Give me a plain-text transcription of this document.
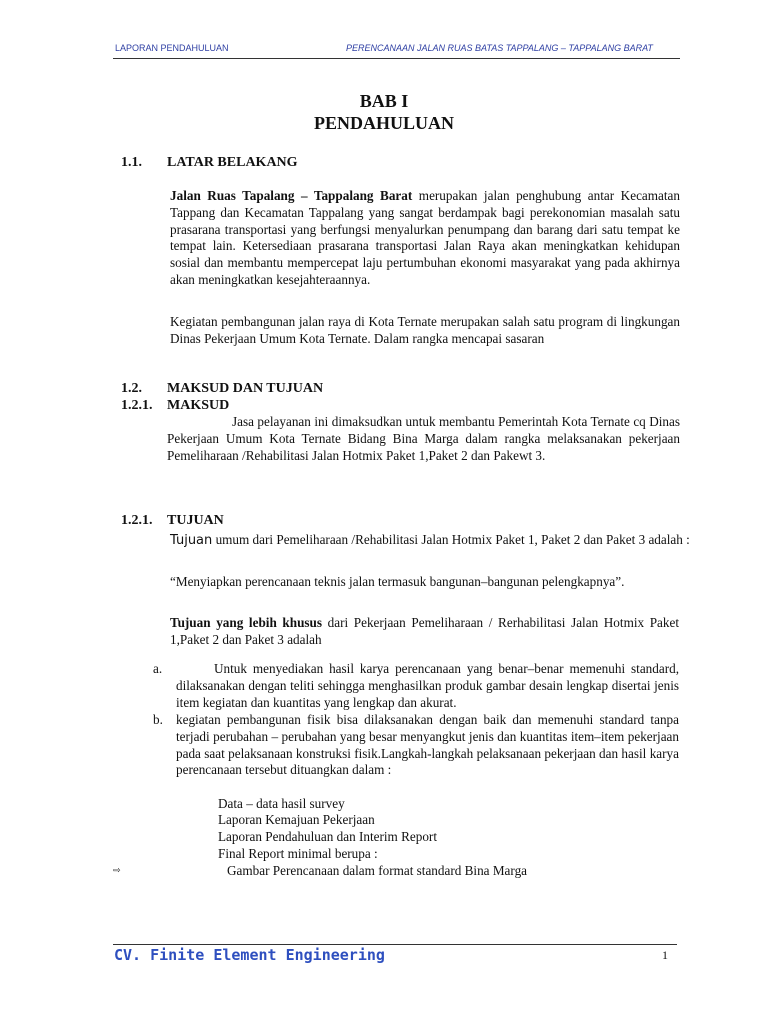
LAPORAN PENDAHULUAN	PERENCANAAN JALAN RUAS BATAS TAPPALANG – TAPPALANG BARAT
BAB I
PENDAHULUAN
1.1. LATAR BELAKANG
Jalan Ruas Tapalang – Tappalang Barat merupakan jalan penghubung antar Kecamatan Tappang dan Kecamatan Tappalang yang sangat berdampak bagi perekonomian masalah satu prasarana transportasi yang berfungsi menyalurkan penumpang dan barang dari satu tempat ke tempat lain. Ketersediaan prasarana transportasi Jalan Raya akan meningkatkan kehidupan sosial dan membantu mempercepat laju pertumbuhan ekonomi masyarakat yang pada akhirnya akan meningkatkan kesejahteraannya.
Kegiatan pembangunan jalan raya di Kota Ternate merupakan salah satu program di lingkungan Dinas Pekerjaan Umum Kota Ternate. Dalam rangka mencapai sasaran
1.2. MAKSUD DAN TUJUAN
1.2.1. MAKSUD
Jasa pelayanan ini dimaksudkan untuk membantu Pemerintah Kota Ternate cq Dinas Pekerjaan Umum Kota Ternate Bidang Bina Marga dalam rangka melaksanakan pekerjaan Pemeliharaan /Rehabilitasi Jalan Hotmix Paket 1,Paket 2 dan Pakewt 3.
1.2.1. TUJUAN
Tujuan umum dari Pemeliharaan /Rehabilitasi Jalan Hotmix Paket 1, Paket 2 dan Paket 3 adalah :
“Menyiapkan perencanaan teknis jalan termasuk bangunan–bangunan pelengkapnya”.
Tujuan yang lebih khusus dari Pekerjaan Pemeliharaan / Rerhabilitasi Jalan Hotmix Paket 1,Paket 2 dan Paket 3 adalah
a.	Untuk menyediakan hasil karya perencanaan yang benar–benar memenuhi standard, dilaksanakan dengan teliti sehingga menghasilkan produk gambar desain lengkap disertai jenis item kegiatan dan kuantitas yang lengkap dan akurat.
b. kegiatan pembangunan fisik bisa dilaksanakan dengan baik dan memenuhi standard tanpa terjadi perubahan – perubahan yang besar menyangkut jenis dan kuantitas item–item pekerjaan pada saat pelaksanaan konstruksi fisik.Langkah-langkah pelaksanaan pekerjaan dan hasil karya perencanaan tersebut dituangkan dalam :
Data – data hasil survey
Laporan Kemajuan Pekerjaan
Laporan Pendahuluan dan Interim Report
Final Report minimal berupa :
⇨	Gambar Perencanaan dalam format standard Bina Marga
CV. Finite Element Engineering	1
